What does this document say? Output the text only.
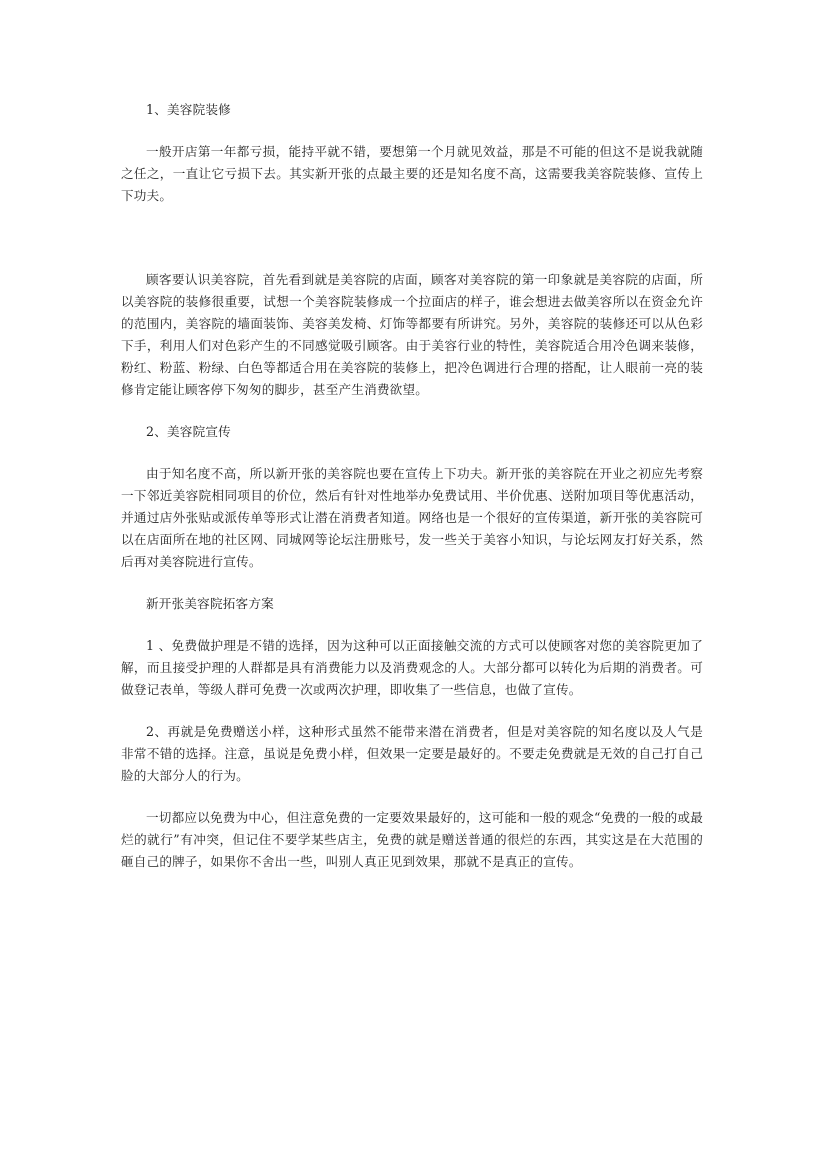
1、美容院装修

一般开店第一年都亏损，能持平就不错，要想第一个月就见效益，那是不可能的但这不是说我就随之任之，一直让它亏损下去。其实新开张的点最主要的还是知名度不高，这需要我美容院装修、宣传上下功夫。

顾客要认识美容院，首先看到就是美容院的店面，顾客对美容院的第一印象就是美容院的店面，所以美容院的装修很重要，试想一个美容院装修成一个拉面店的样子，谁会想进去做美容所以在资金允许的范围内，美容院的墙面装饰、美容美发椅、灯饰等都要有所讲究。另外，美容院的装修还可以从色彩下手，利用人们对色彩产生的不同感觉吸引顾客。由于美容行业的特性，美容院适合用冷色调来装修，粉红、粉蓝、粉绿、白色等都适合用在美容院的装修上，把冷色调进行合理的搭配，让人眼前一亮的装修肯定能让顾客停下匆匆的脚步，甚至产生消费欲望。

2、美容院宣传

由于知名度不高，所以新开张的美容院也要在宣传上下功夫。新开张的美容院在开业之初应先考察一下邻近美容院相同项目的价位，然后有针对性地举办免费试用、半价优惠、送附加项目等优惠活动，并通过店外张贴或派传单等形式让潜在消费者知道。网络也是一个很好的宣传渠道，新开张的美容院可以在店面所在地的社区网、同城网等论坛注册账号，发一些关于美容小知识，与论坛网友打好关系，然后再对美容院进行宣传。

新开张美容院拓客方案

1 、免费做护理是不错的选择，因为这种可以正面接触交流的方式可以使顾客对您的美容院更加了解，而且接受护理的人群都是具有消费能力以及消费观念的人。大部分都可以转化为后期的消费者。可做登记表单，等级人群可免费一次或两次护理，即收集了一些信息，也做了宣传。

2、再就是免费赠送小样，这种形式虽然不能带来潜在消费者，但是对美容院的知名度以及人气是非常不错的选择。注意，虽说是免费小样，但效果一定要是最好的。不要走免费就是无效的自己打自己脸的大部分人的行为。

一切都应以免费为中心，但注意免费的一定要效果最好的，这可能和一般的观念“免费的一般的或最烂的就行”有冲突，但记住不要学某些店主，免费的就是赠送普通的很烂的东西，其实这是在大范围的砸自己的牌子，如果你不舍出一些，叫别人真正见到效果，那就不是真正的宣传。
